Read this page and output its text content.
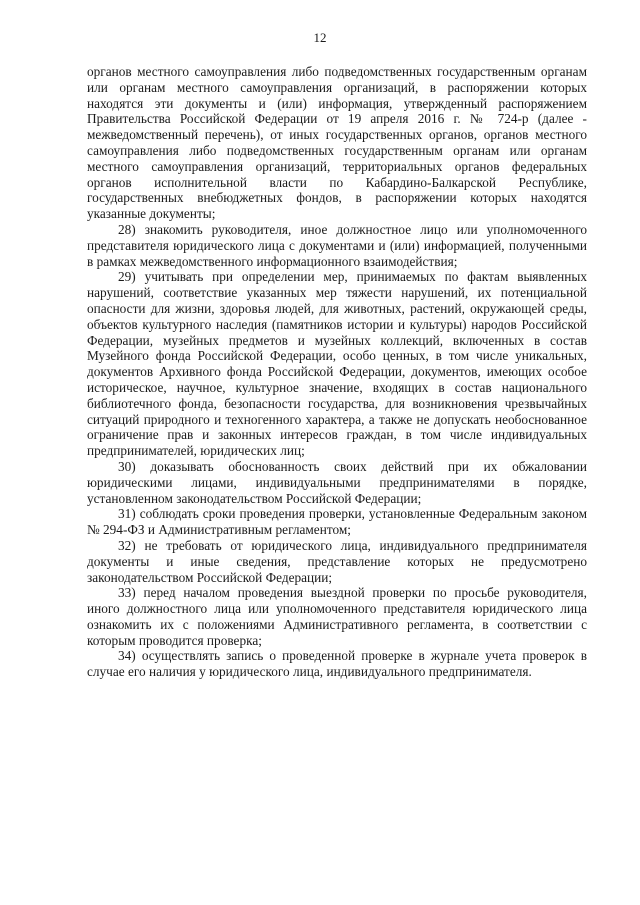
12

органов местного самоуправления либо подведомственных государственным органам или органам местного самоуправления организаций, в распоряжении которых находятся эти документы и (или) информация, утвержденный распоряжением Правительства Российской Федерации от 19 апреля 2016 г. № 724-р (далее - межведомственный перечень), от иных государственных органов, органов местного самоуправления либо подведомственных государственным органам или органам местного самоуправления организаций, территориальных органов федеральных органов исполнительной власти по Кабардино-Балкарской Республике, государственных внебюджетных фондов, в распоряжении которых находятся указанные документы;

28) знакомить руководителя, иное должностное лицо или уполномоченного представителя юридического лица с документами и (или) информацией, полученными в рамках межведомственного информационного взаимодействия;

29) учитывать при определении мер, принимаемых по фактам выявленных нарушений, соответствие указанных мер тяжести нарушений, их потенциальной опасности для жизни, здоровья людей, для животных, растений, окружающей среды, объектов культурного наследия (памятников истории и культуры) народов Российской Федерации, музейных предметов и музейных коллекций, включенных в состав Музейного фонда Российской Федерации, особо ценных, в том числе уникальных, документов Архивного фонда Российской Федерации, документов, имеющих особое историческое, научное, культурное значение, входящих в состав национального библиотечного фонда, безопасности государства, для возникновения чрезвычайных ситуаций природного и техногенного характера, а также не допускать необоснованное ограничение прав и законных интересов граждан, в том числе индивидуальных предпринимателей, юридических лиц;

30) доказывать обоснованность своих действий при их обжаловании юридическими лицами, индивидуальными предпринимателями в порядке, установленном законодательством Российской Федерации;

31) соблюдать сроки проведения проверки, установленные Федеральным законом № 294-ФЗ и Административным регламентом;

32) не требовать от юридического лица, индивидуального предпринимателя документы и иные сведения, представление которых не предусмотрено законодательством Российской Федерации;

33) перед началом проведения выездной проверки по просьбе руководителя, иного должностного лица или уполномоченного представителя юридического лица ознакомить их с положениями Административного регламента, в соответствии с которым проводится проверка;

34) осуществлять запись о проведенной проверке в журнале учета проверок в случае его наличия у юридического лица, индивидуального предпринимателя.
